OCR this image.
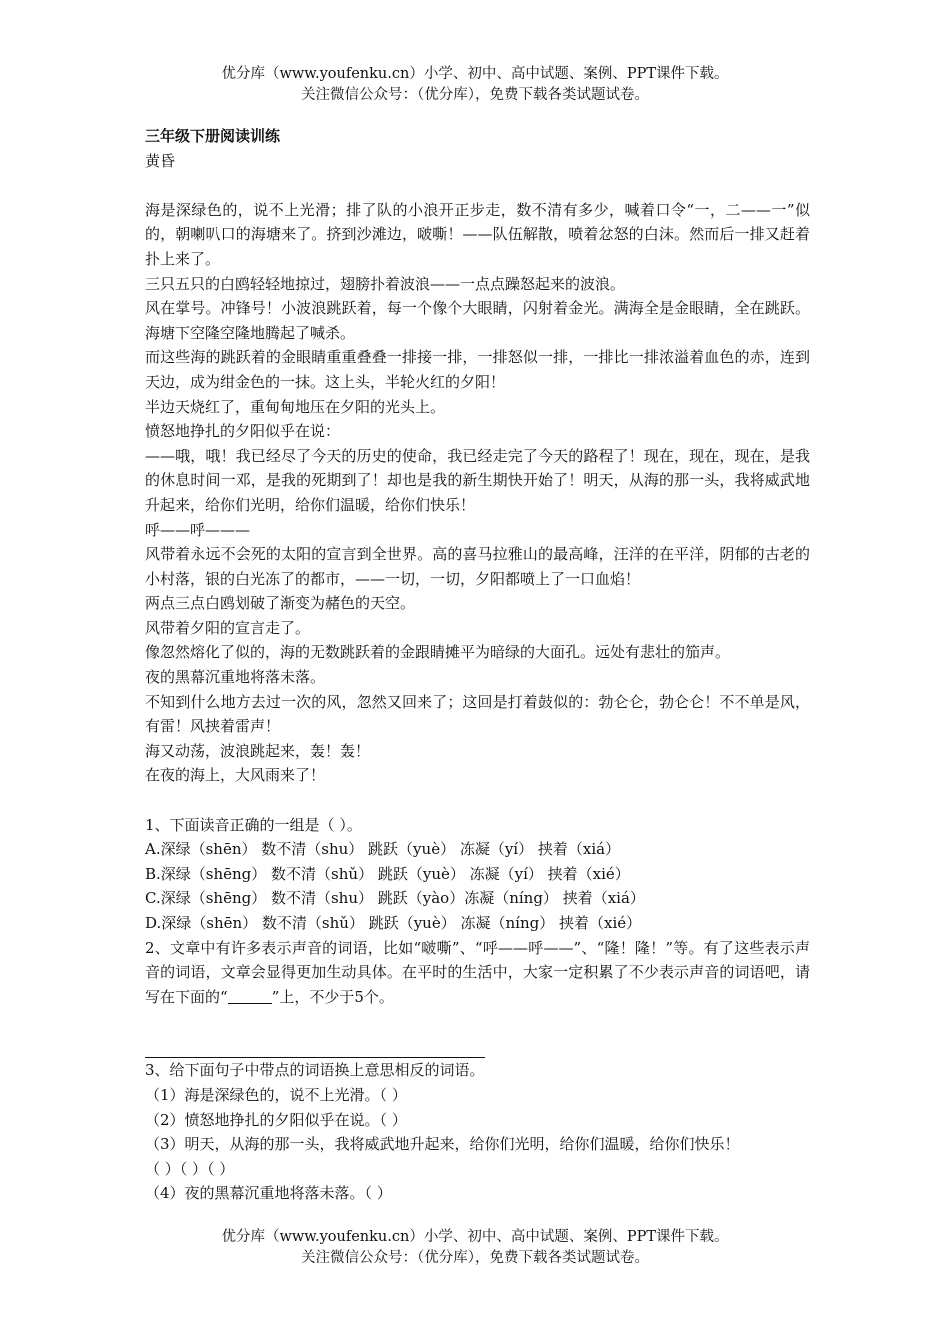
优分库（www.youfenku.cn）小学、初中、高中试题、案例、PPT课件下载。
关注微信公众号：（优分库），免费下载各类试题试卷。
三年级下册阅读训练
黄昏
海是深绿色的，说不上光滑；排了队的小浪开正步走，数不清有多少，喊着口令“一，二——一”似的，朝喇叭口的海塘来了。挤到沙滩边，啵嘶！——队伍解散，喷着忿怒的白沫。然而后一排又赶着扑上来了。
三只五只的白鸥轻轻地掠过，翅膀扑着波浪——一点点躁怒起来的波浪。
风在掌号。冲锋号！小波浪跳跃着，每一个像个大眼睛，闪射着金光。满海全是金眼睛，全在跳跃。海塘下空隆空隆地腾起了喊杀。
而这些海的跳跃着的金眼睛重重叠叠一排接一排，一排怒似一排，一排比一排浓溢着血色的赤，连到天边，成为绀金色的一抹。这上头，半轮火红的夕阳！
半边天烧红了，重甸甸地压在夕阳的光头上。
愤怒地挣扎的夕阳似乎在说：
——哦，哦！我已经尽了今天的历史的使命，我已经走完了今天的路程了！现在，现在，现在，是我的休息时间一邓，是我的死期到了！却也是我的新生期快开始了！明天，从海的那一头，我将威武地升起来，给你们光明，给你们温暖，给你们快乐！
呼——呼———
风带着永远不会死的太阳的宣言到全世界。高的喜马拉雅山的最高峰，汪洋的在平洋，阴郁的古老的小村落，银的白光冻了的都市，——一切，一切，夕阳都喷上了一口血焰！
两点三点白鸥划破了渐变为赭色的天空。
风带着夕阳的宣言走了。
像忽然熔化了似的，海的无数跳跃着的金跟睛摊平为暗绿的大面孔。远处有悲壮的笳声。
夜的黑幕沉重地将落未落。
不知到什么地方去过一次的风，忽然又回来了；这回是打着鼓似的：勃仑仑，勃仑仑！不不单是风，有雷！风挟着雷声！
海又动荡，波浪跳起来，轰！轰！
在夜的海上，大风雨来了！
1、下面读音正确的一组是（ ）。
A.深绿（shēn） 数不清（shu） 跳跃（yuè） 冻凝（yí） 挟着（xiá）
B.深绿（shēng） 数不清（shǔ） 跳跃（yuè） 冻凝（yí） 挟着（xié）
C.深绿（shēng） 数不清（shu） 跳跃（yào）冻凝（níng） 挟着（xiá）
D.深绿（shēn） 数不清（shǔ） 跳跃（yuè） 冻凝（níng） 挟着（xié）
2、文章中有许多表示声音的词语，比如“啵嘶”、“呼——呼——”、“隆！隆！”等。有了这些表示声音的词语，文章会显得更加生动具体。在平时的生活中，大家一定积累了不少表示声音的词语吧，请写在下面的“	”上，不少于5个。
3、给下面句子中带点的词语换上意思相反的词语。
（1）海是深绿色的，说不上光滑。（ ）
（2）愤怒地挣扎的夕阳似乎在说。（ ）
（3）明天，从海的那一头，我将威武地升起来，给你们光明，给你们温暖，给你们快乐！
（ ）（ ）（ ）
（4）夜的黑幕沉重地将落未落。（ ）
优分库（www.youfenku.cn）小学、初中、高中试题、案例、PPT课件下载。
关注微信公众号：（优分库），免费下载各类试题试卷。
